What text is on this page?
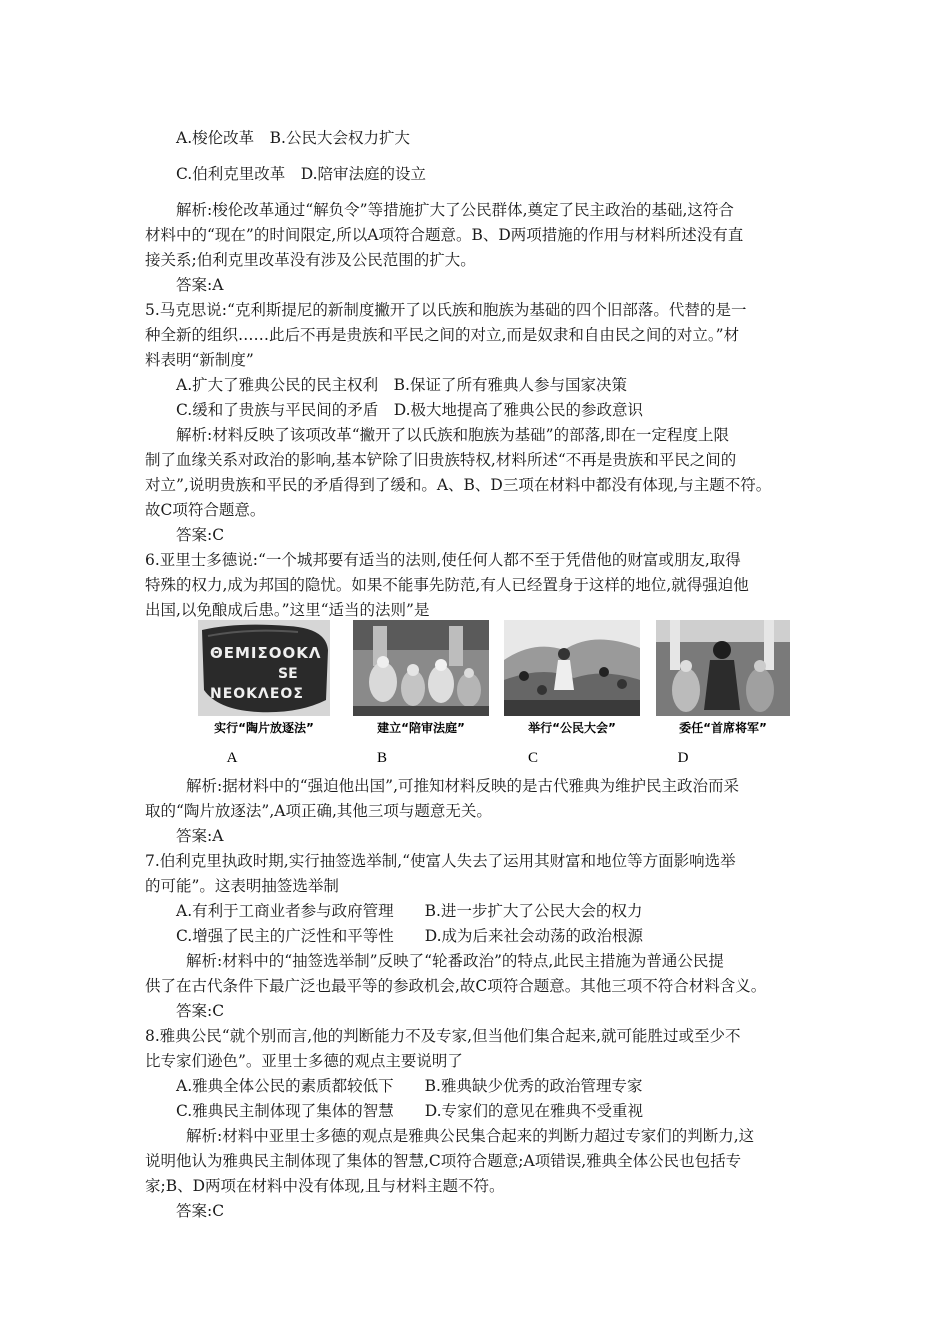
A.梭伦改革　B.公民大会权力扩大
C.伯利克里改革　D.陪审法庭的设立
解析:梭伦改革通过“解负令”等措施扩大了公民群体,奠定了民主政治的基础,这符合
材料中的“现在”的时间限定,所以A项符合题意。B、D两项措施的作用与材料所述没有直
接关系;伯利克里改革没有涉及公民范围的扩大。
答案:A
5.马克思说:“克利斯提尼的新制度撇开了以氏族和胞族为基础的四个旧部落。代替的是一
种全新的组织……此后不再是贵族和平民之间的对立,而是奴隶和自由民之间的对立。”材
料表明“新制度”
A.扩大了雅典公民的民主权利　B.保证了所有雅典人参与国家决策
C.缓和了贵族与平民间的矛盾　D.极大地提高了雅典公民的参政意识
解析:材料反映了该项改革“撇开了以氏族和胞族为基础”的部落,即在一定程度上限
制了血缘关系对政治的影响,基本铲除了旧贵族特权,材料所述“不再是贵族和平民之间的
对立”,说明贵族和平民的矛盾得到了缓和。A、B、D三项在材料中都没有体现,与主题不符。
故C项符合题意。
答案:C
6.亚里士多德说:“一个城邦要有适当的法则,使任何人都不至于凭借他的财富或朋友,取得
特殊的权力,成为邦国的隐忧。如果不能事先防范,有人已经置身于这样的地位,就得强迫他
出国,以免酿成后患。”这里“适当的法则”是
解析:据材料中的“强迫他出国”,可推知材料反映的是古代雅典为维护民主政治而采
取的“陶片放逐法”,A项正确,其他三项与题意无关。
答案:A
7.伯利克里执政时期,实行抽签选举制,“使富人失去了运用其财富和地位等方面影响选举
的可能”。这表明抽签选举制
A.有利于工商业者参与政府管理　　B.进一步扩大了公民大会的权力
C.增强了民主的广泛性和平等性　　D.成为后来社会动荡的政治根源
解析:材料中的“抽签选举制”反映了“轮番政治”的特点,此民主措施为普通公民提
供了在古代条件下最广泛也最平等的参政机会,故C项符合题意。其他三项不符合材料含义。
答案:C
8.雅典公民“就个别而言,他的判断能力不及专家,但当他们集合起来,就可能胜过或至少不
比专家们逊色”。亚里士多德的观点主要说明了
A.雅典全体公民的素质都较低下　　B.雅典缺少优秀的政治管理专家
C.雅典民主制体现了集体的智慧　　D.专家们的意见在雅典不受重视
解析:材料中亚里士多德的观点是雅典公民集合起来的判断力超过专家们的判断力,这
说明他认为雅典民主制体现了集体的智慧,C项符合题意;A项错误,雅典全体公民也包括专
家;B、D两项在材料中没有体现,且与材料主题不符。
答案:C
ΘEMIΣOOKΛ
SE
NEOKΛEOΣ
实行“陶片放逐法”	建立“陪审法庭”	举行“公民大会”	委任“首席将军”
A	B	C	D
